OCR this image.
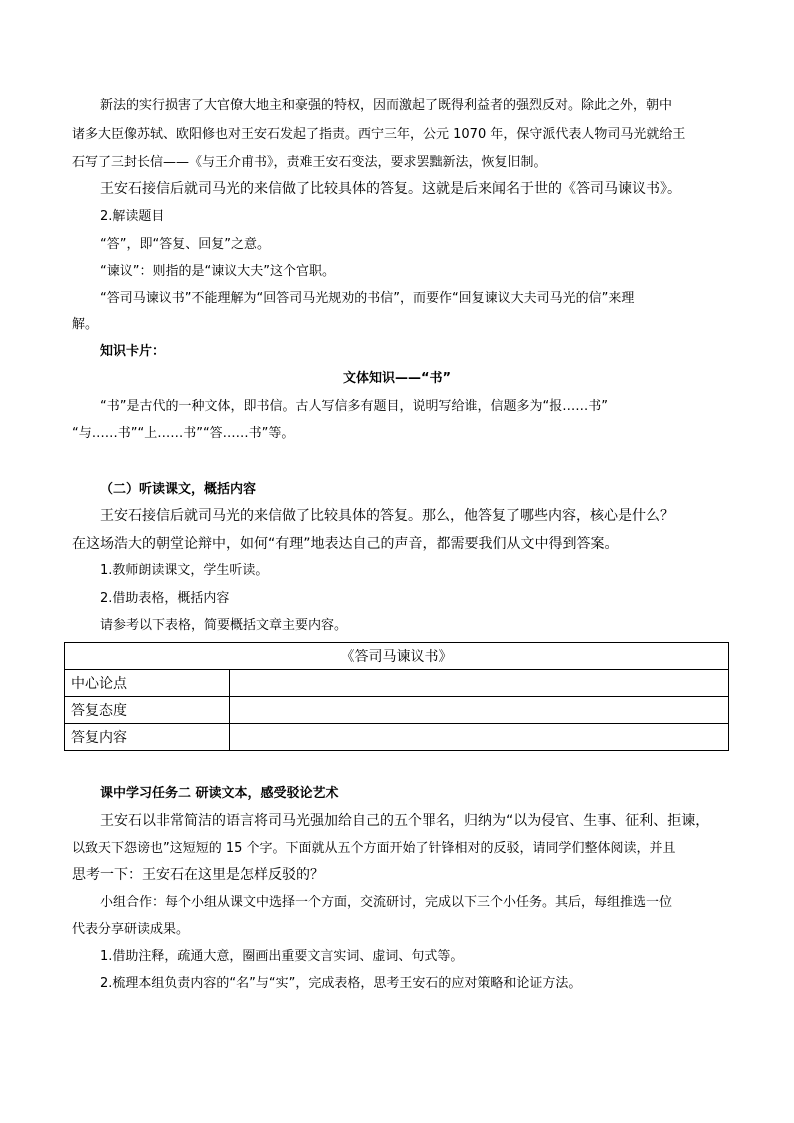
新法的实行损害了大官僚大地主和豪强的特权，因而激起了既得利益者的强烈反对。除此之外，朝中
诸多大臣像苏轼、欧阳修也对王安石发起了指责。西宁三年，公元 1070 年，保守派代表人物司马光就给王
石写了三封长信——《与王介甫书》，责难王安石变法，要求罢黜新法，恢复旧制。
王安石接信后就司马光的来信做了比较具体的答复。这就是后来闻名于世的《答司马谏议书》。
2.解读题目
“答”，即“答复、回复”之意。
“谏议”：则指的是“谏议大夫”这个官职。
“答司马谏议书”不能理解为“回答司马光规劝的书信”，而要作“回复谏议大夫司马光的信”来理
解。
知识卡片：
文体知识——“书”
“书”是古代的一种文体，即书信。古人写信多有题目，说明写给谁，信题多为“报……书”
“与……书”“上……书”“答……书”等。
（二）听读课文，概括内容
王安石接信后就司马光的来信做了比较具体的答复。那么，他答复了哪些内容，核心是什么？
在这场浩大的朝堂论辩中，如何“有理”地表达自己的声音，都需要我们从文中得到答案。
1.教师朗读课文，学生听读。
2.借助表格，概括内容
请参考以下表格，简要概括文章主要内容。
《答司马谏议书》	
中心论点	
答复态度	
答复内容	
课中学习任务二 研读文本，感受驳论艺术
王安石以非常简洁的语言将司马光强加给自己的五个罪名，归纳为“以为侵官、生事、征利、拒谏，
以致天下怨谤也”这短短的 15 个字。下面就从五个方面开始了针锋相对的反驳，请同学们整体阅读，并且
思考一下：王安石在这里是怎样反驳的？
小组合作：每个小组从课文中选择一个方面，交流研讨，完成以下三个小任务。其后，每组推选一位
代表分享研读成果。
1.借助注释，疏通大意，圈画出重要文言实词、虚词、句式等。
2.梳理本组负责内容的“名”与“实”，完成表格，思考王安石的应对策略和论证方法。
